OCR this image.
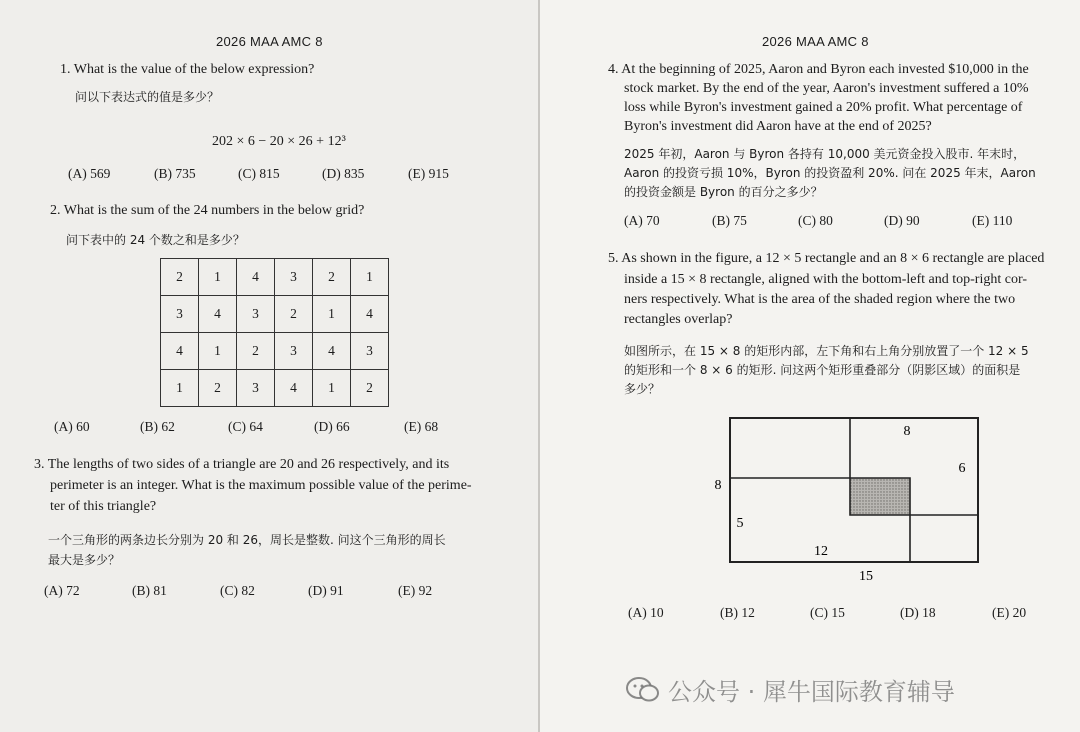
2026 MAA AMC 8
1. What is the value of the below expression?
问以下表达式的值是多少？
202 × 6 − 20 × 26 + 12³
(A) 569	(B) 735	(C) 815	(D) 835	(E) 915
2. What is the sum of the 24 numbers in the below grid?
问下表中的 24 个数之和是多少？
2	1	4	3	2	1
3	4	3	2	1	4
4	1	2	3	4	3
1	2	3	4	1	2
(A) 60	(B) 62	(C) 64	(D) 66	(E) 68
3. The lengths of two sides of a triangle are 20 and 26 respectively, and its
perimeter is an integer. What is the maximum possible value of the perime-
ter of this triangle?
一个三角形的两条边长分别为 20 和 26，周长是整数. 问这个三角形的周长
最大是多少？
(A) 72	(B) 81	(C) 82	(D) 91	(E) 92
2026 MAA AMC 8
4. At the beginning of 2025, Aaron and Byron each invested $10,000 in the
stock market. By the end of the year, Aaron's investment suffered a 10%
loss while Byron's investment gained a 20% profit. What percentage of
Byron's investment did Aaron have at the end of 2025?
2025 年初，Aaron 与 Byron 各持有 10,000 美元资金投入股市. 年末时，
Aaron 的投资亏损 10%，Byron 的投资盈利 20%. 问在 2025 年末，Aaron
的投资金额是 Byron 的百分之多少？
(A) 70	(B) 75	(C) 80	(D) 90	(E) 110
5. As shown in the figure, a 12 × 5 rectangle and an 8 × 6 rectangle are placed
inside a 15 × 8 rectangle, aligned with the bottom-left and top-right cor-
ners respectively. What is the area of the shaded region where the two
rectangles overlap?
如图所示，在 15 × 8 的矩形内部，左下角和右上角分别放置了一个 12 × 5
的矩形和一个 8 × 6 的矩形. 问这两个矩形重叠部分（阴影区域）的面积是
多少？
8
6
8
5
12
15
(A) 10	(B) 12	(C) 15	(D) 18	(E) 20
公众号 · 犀牛国际教育辅导
